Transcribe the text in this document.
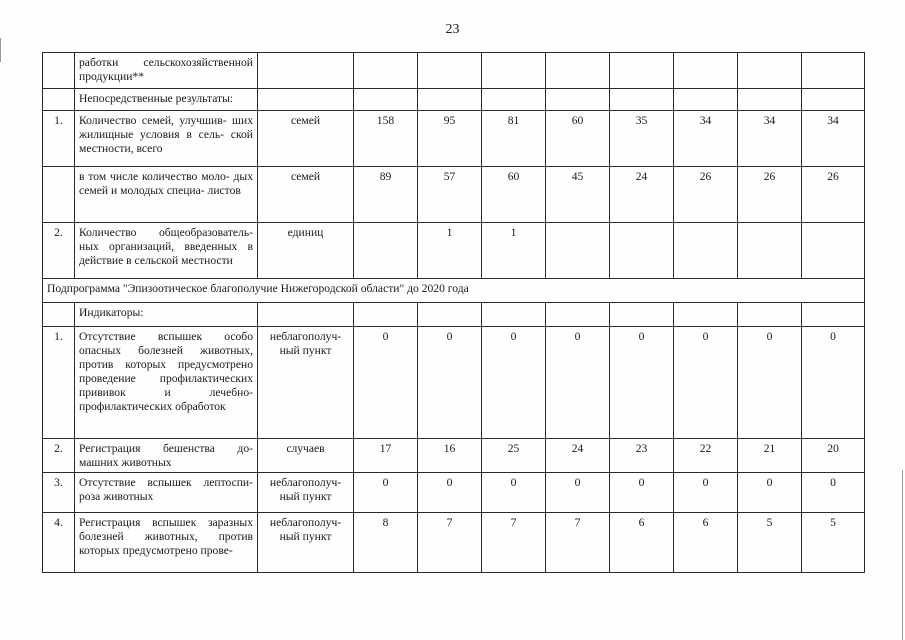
23
	работки сельскохозяйственной продукции**									
	Непосредственные результаты:									
1.	Количество семей, улучшив- ших жилищные условия в сель- ской местности, всего	семей	158	95	81	60	35	34	34	34
	в том числе количество моло- дых семей и молодых специа- листов	семей	89	57	60	45	24	26	26	26
2.	Количество общеобразователь- ных организаций, введенных в действие в сельской местности	единиц		1	1					
Подпрограмма "Эпизоотическое благополучие Нижегородской области" до 2020 года										
	Индикаторы:									
1.	Отсутствие вспышек особо опасных болезней животных, против которых предусмотрено проведение профилактических прививок и лечебно- профилактических обработок	неблагополуч- ный пункт	0	0	0	0	0	0	0	0
2.	Регистрация бешенства до- машних животных	случаев	17	16	25	24	23	22	21	20
3.	Отсутствие вспышек лептоспи- роза животных	неблагополуч- ный пункт	0	0	0	0	0	0	0	0
4.	Регистрация вспышек заразных болезней животных, против которых предусмотрено прове-	неблагополуч- ный пункт	8	7	7	7	6	6	5	5
